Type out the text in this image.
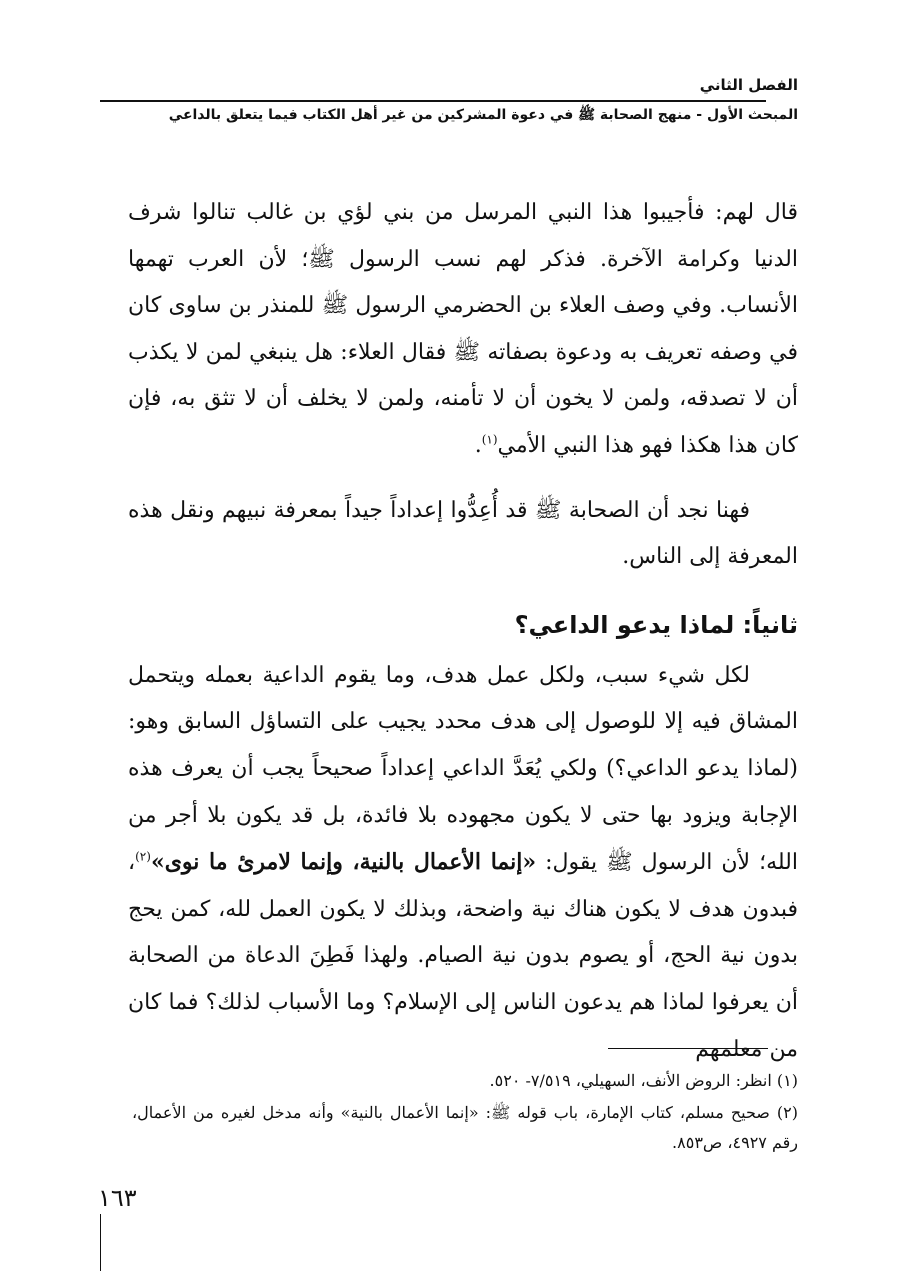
الفصل الثاني
المبحث الأول - منهج الصحابة ﷺ في دعوة المشركين من غير أهل الكتاب فيما يتعلق بالداعي

قال لهم: فأجيبوا هذا النبي المرسل من بني لؤي بن غالب تنالوا شرف الدنيا وكرامة الآخرة. فذكر لهم نسب الرسول ﷺ؛ لأن العرب تهمها الأنساب. وفي وصف العلاء بن الحضرمي الرسول ﷺ للمنذر بن ساوى كان في وصفه تعريف به ودعوة بصفاته ﷺ فقال العلاء: هل ينبغي لمن لا يكذب أن لا تصدقه، ولمن لا يخون أن لا تأمنه، ولمن لا يخلف أن لا تثق به، فإن كان هذا هكذا فهو هذا النبي الأمي$^{(١)}$.

فهنا نجد أن الصحابة ﷺ قد أُعِدُّوا إعداداً جيداً بمعرفة نبيهم ونقل هذه المعرفة إلى الناس.

ثانياً: لماذا يدعو الداعي؟

لكل شيء سبب، ولكل عمل هدف، وما يقوم الداعية بعمله ويتحمل المشاق فيه إلا للوصول إلى هدف محدد يجيب على التساؤل السابق وهو: (لماذا يدعو الداعي؟) ولكي يُعَدَّ الداعي إعداداً صحيحاً يجب أن يعرف هذه الإجابة ويزود بها حتى لا يكون مجهوده بلا فائدة، بل قد يكون بلا أجر من الله؛ لأن الرسول ﷺ يقول: «إنما الأعمال بالنية، وإنما لامرئ ما نوى»$^{(٢)}$، فبدون هدف لا يكون هناك نية واضحة، وبذلك لا يكون العمل لله، كمن يحج بدون نية الحج، أو يصوم بدون نية الصيام. ولهذا فَطِنَ الدعاة من الصحابة أن يعرفوا لماذا هم يدعون الناس إلى الإسلام؟ وما الأسباب لذلك؟ فما كان من معلمهم

(١) انظر: الروض الأنف، السهيلي، ٧/٥١٩- ٥٢٠.

(٢) صحيح مسلم، كتاب الإمارة، باب قوله ﷺ: «إنما الأعمال بالنية» وأنه مدخل لغيره من الأعمال، رقم ٤٩٢٧، ص٨٥٣.

١٦٣
